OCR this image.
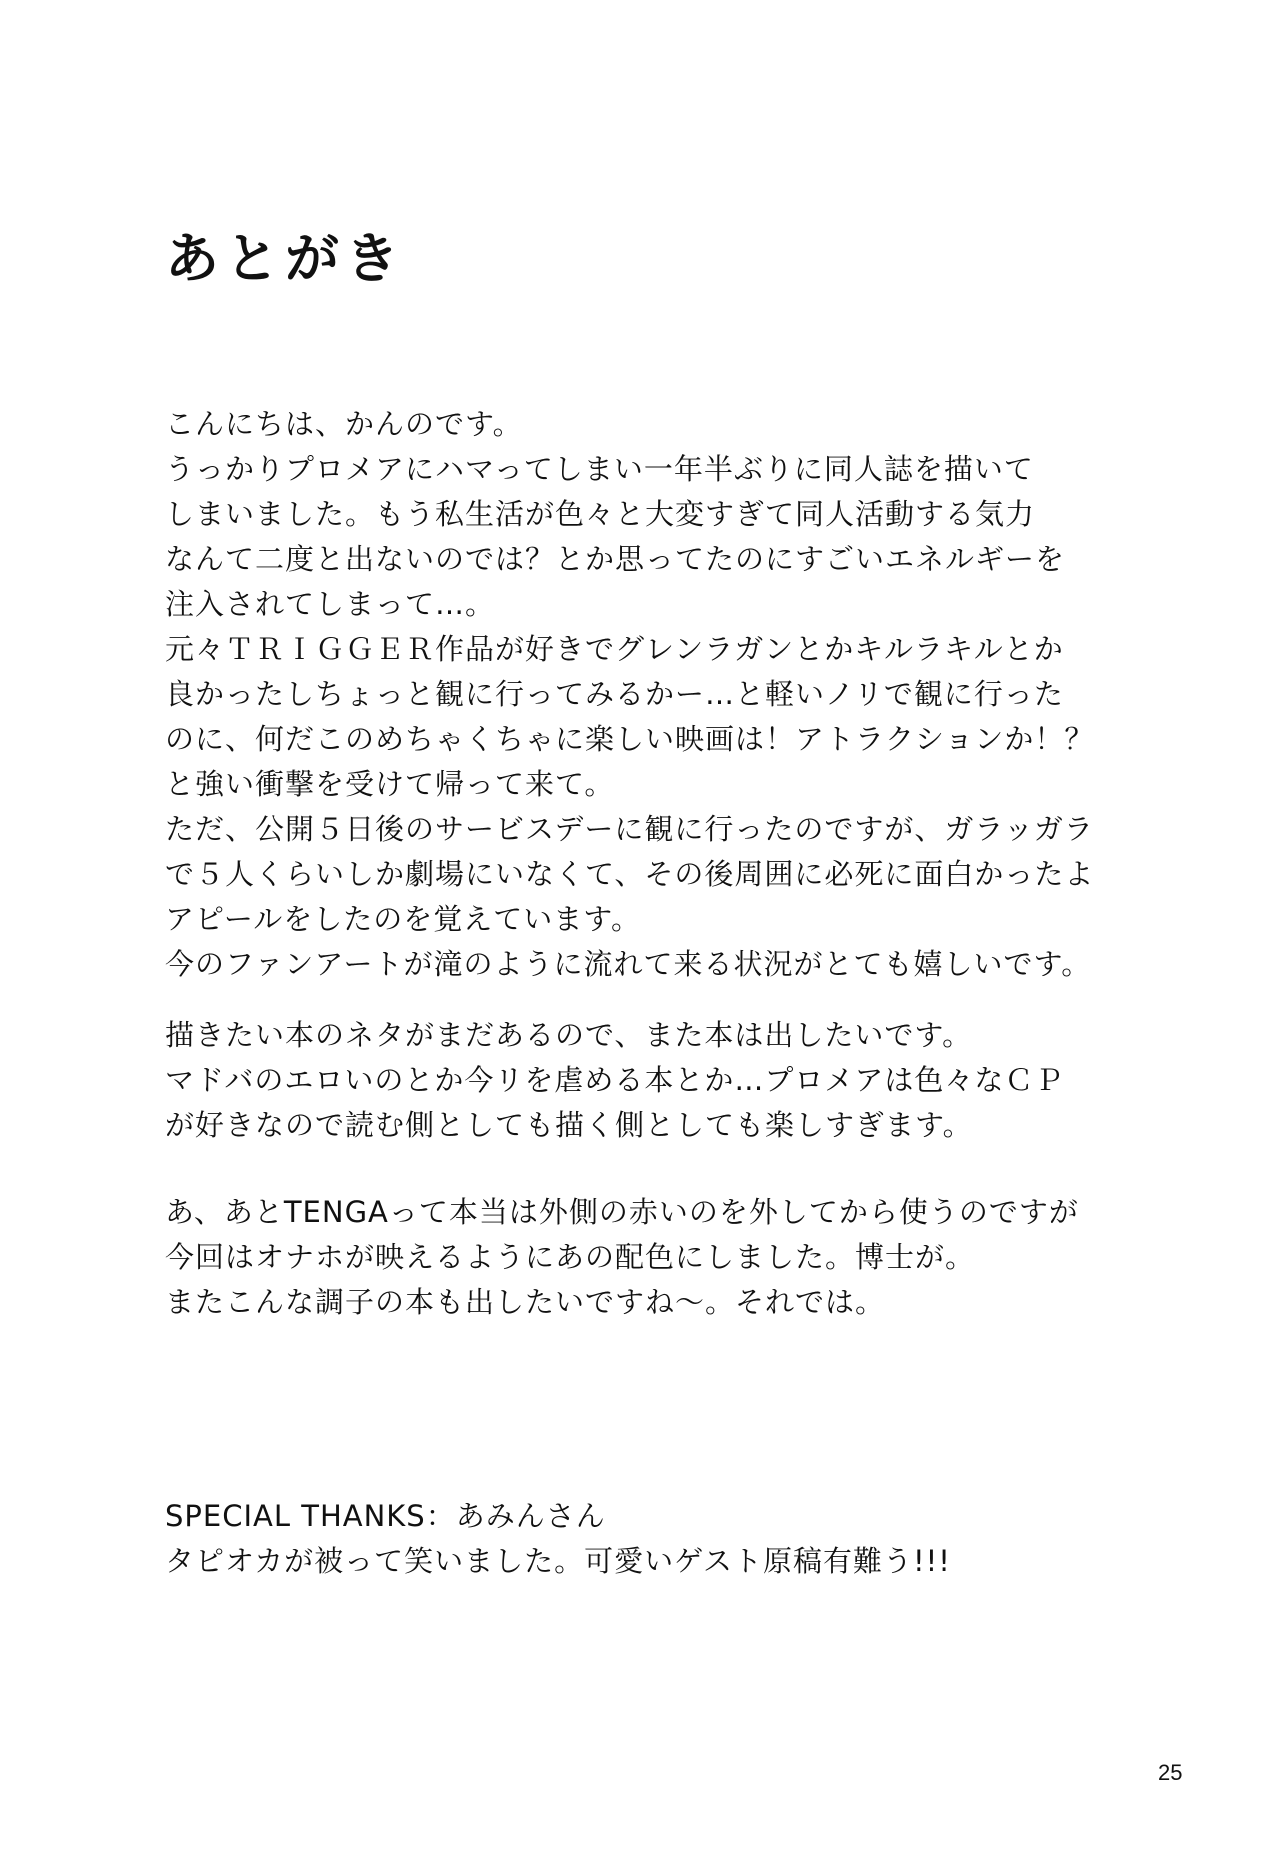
あとがき
こんにちは、かんのです。
うっかりプロメアにハマってしまい一年半ぶりに同人誌を描いて
しまいました。もう私生活が色々と大変すぎて同人活動する気力
なんて二度と出ないのでは？とか思ってたのにすごいエネルギーを
注入されてしまって…。
元々ＴＲＩＧＧＥＲ作品が好きでグレンラガンとかキルラキルとか
良かったしちょっと観に行ってみるかー…と軽いノリで観に行った
のに、何だこのめちゃくちゃに楽しい映画は！アトラクションか！？
と強い衝撃を受けて帰って来て。
ただ、公開５日後のサービスデーに観に行ったのですが、ガラッガラ
で５人くらいしか劇場にいなくて、その後周囲に必死に面白かったよ
アピールをしたのを覚えています。
今のファンアートが滝のように流れて来る状況がとても嬉しいです。
描きたい本のネタがまだあるので、また本は出したいです。
マドバのエロいのとか今リを虐める本とか…プロメアは色々なＣＰ
が好きなので読む側としても描く側としても楽しすぎます。
あ、あとTENGAって本当は外側の赤いのを外してから使うのですが
今回はオナホが映えるようにあの配色にしました。博士が。
またこんな調子の本も出したいですね〜。それでは。
SPECIAL THANKS：あみんさん
タピオカが被って笑いました。可愛いゲスト原稿有難う!!!
25
